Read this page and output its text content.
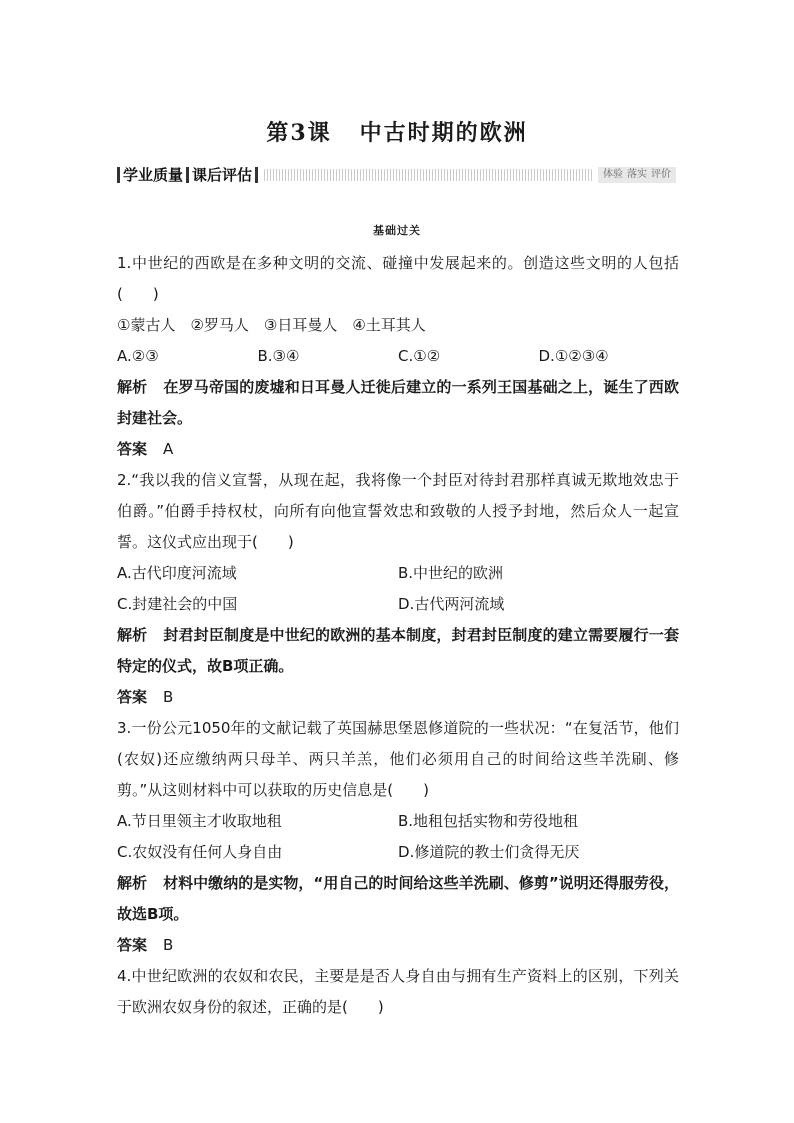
第3课 中古时期的欧洲
学业质量 课后评估	体验 落实 评价
基础过关
1.中世纪的西欧是在多种文明的交流、碰撞中发展起来的。创造这些文明的人包括(　　)
①蒙古人　②罗马人　③日耳曼人　④土耳其人
A.②③	B.③④	C.①②	D.①②③④
解析 在罗马帝国的废墟和日耳曼人迁徙后建立的一系列王国基础之上，诞生了西欧封建社会。
答案 A
2.“我以我的信义宣誓，从现在起，我将像一个封臣对待封君那样真诚无欺地效忠于伯爵。”伯爵手持权杖，向所有向他宣誓效忠和致敬的人授予封地，然后众人一起宣誓。这仪式应出现于(　　)
A.古代印度河流域	B.中世纪的欧洲
C.封建社会的中国	D.古代两河流域
解析 封君封臣制度是中世纪的欧洲的基本制度，封君封臣制度的建立需要履行一套特定的仪式，故B项正确。
答案 B
3.一份公元1050年的文献记载了英国赫思堡恩修道院的一些状况：“在复活节，他们(农奴)还应缴纳两只母羊、两只羊羔，他们必须用自己的时间给这些羊洗刷、修剪。”从这则材料中可以获取的历史信息是(　　)
A.节日里领主才收取地租	B.地租包括实物和劳役地租
C.农奴没有任何人身自由	D.修道院的教士们贪得无厌
解析 材料中缴纳的是实物，“用自己的时间给这些羊洗刷、修剪”说明还得服劳役，故选B项。
答案 B
4.中世纪欧洲的农奴和农民，主要是是否人身自由与拥有生产资料上的区别，下列关于欧洲农奴身份的叙述，正确的是(　　)
